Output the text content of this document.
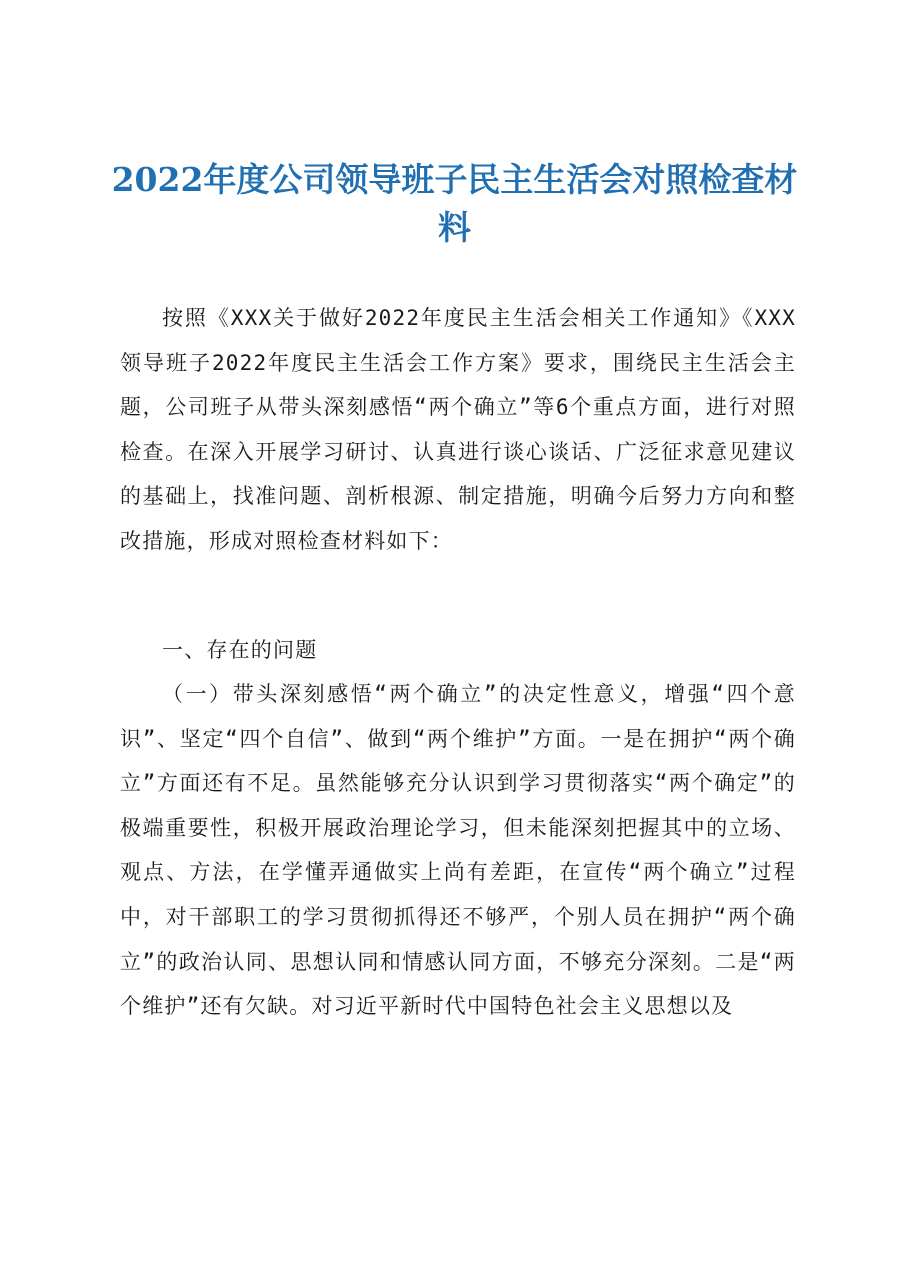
2022年度公司领导班子民主生活会对照检查材料

按照《XXX关于做好2022年度民主生活会相关工作通知》《XXX领导班子2022年度民主生活会工作方案》要求，围绕民主生活会主题，公司班子从带头深刻感悟“两个确立”等6个重点方面，进行对照检查。在深入开展学习研讨、认真进行谈心谈话、广泛征求意见建议的基础上，找准问题、剖析根源、制定措施，明确今后努力方向和整改措施，形成对照检查材料如下：

一、存在的问题

（一）带头深刻感悟“两个确立”的决定性意义，增强“四个意识”、坚定“四个自信”、做到“两个维护”方面。一是在拥护“两个确立”方面还有不足。虽然能够充分认识到学习贯彻落实“两个确定”的极端重要性，积极开展政治理论学习，但未能深刻把握其中的立场、观点、方法，在学懂弄通做实上尚有差距，在宣传“两个确立”过程中，对干部职工的学习贯彻抓得还不够严，个别人员在拥护“两个确立”的政治认同、思想认同和情感认同方面，不够充分深刻。二是“两个维护”还有欠缺。对习近平新时代中国特色社会主义思想以及
